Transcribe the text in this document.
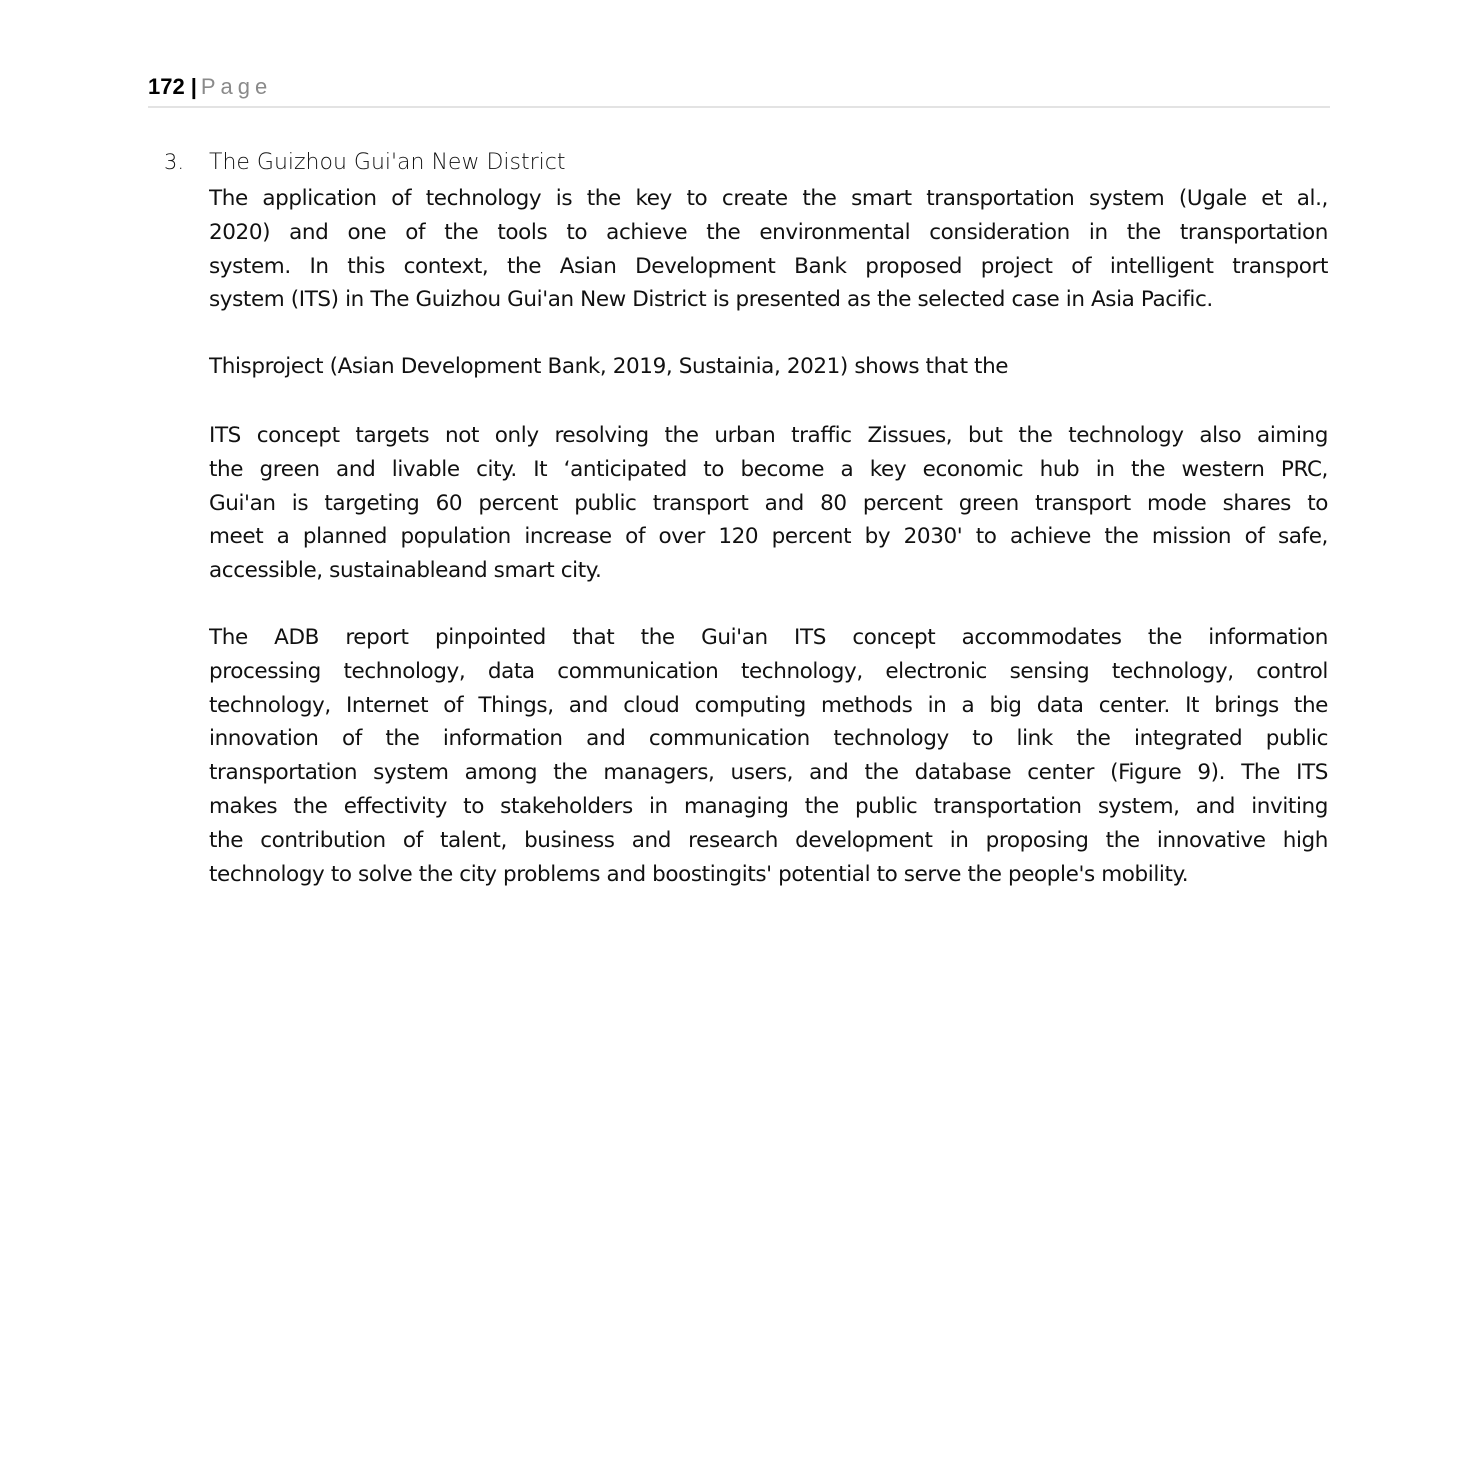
172 | Page
3. The Guizhou Gui'an New District
The application of technology is the key to create the smart transportation system (Ugale et al.,
2020) and one of the tools to achieve the environmental consideration in the transportation
system. In this context, the Asian Development Bank proposed project of intelligent transport
system (ITS) in The Guizhou Gui'an New District is presented as the selected case in Asia Pacific.
Thisproject (Asian Development Bank, 2019, Sustainia, 2021) shows that the
ITS concept targets not only resolving the urban traffic Zissues, but the technology also aiming
the green and livable city. It ‘anticipated to become a key economic hub in the western PRC,
Gui'an is targeting 60 percent public transport and 80 percent green transport mode shares to
meet a planned population increase of over 120 percent by 2030' to achieve the mission of safe,
accessible, sustainableand smart city.
The ADB report pinpointed that the Gui'an ITS concept accommodates the information
processing technology, data communication technology, electronic sensing technology, control
technology, Internet of Things, and cloud computing methods in a big data center. It brings the
innovation of the information and communication technology to link the integrated public
transportation system among the managers, users, and the database center (Figure 9). The ITS
makes the effectivity to stakeholders in managing the public transportation system, and inviting
the contribution of talent, business and research development in proposing the innovative high
technology to solve the city problems and boostingits' potential to serve the people's mobility.
